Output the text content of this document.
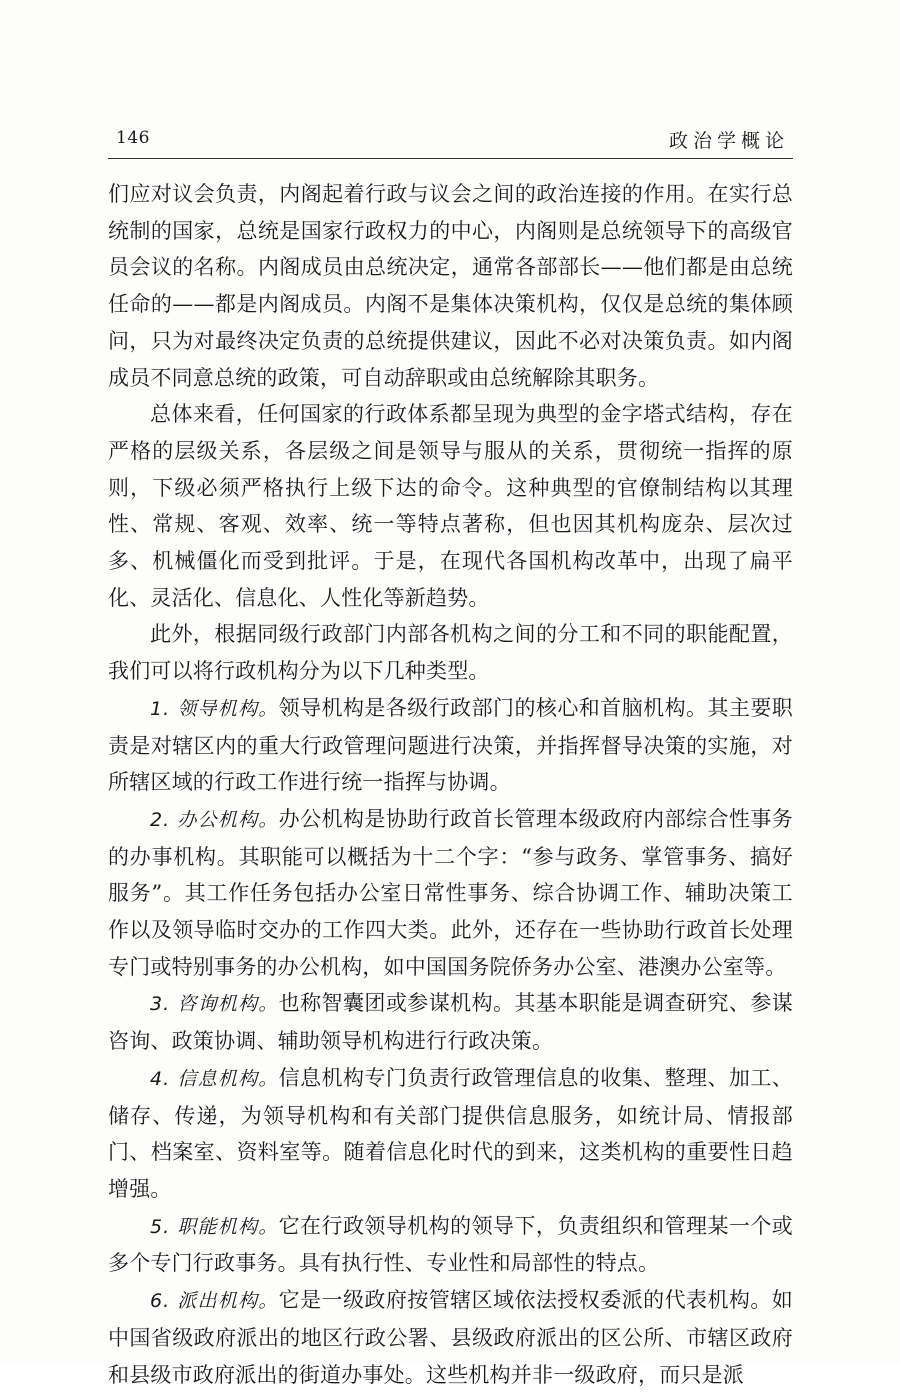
146	政治学概论

们应对议会负责，内阁起着行政与议会之间的政治连接的作用。在实行总统制的国家，总统是国家行政权力的中心，内阁则是总统领导下的高级官员会议的名称。内阁成员由总统决定，通常各部部长——他们都是由总统任命的——都是内阁成员。内阁不是集体决策机构，仅仅是总统的集体顾问，只为对最终决定负责的总统提供建议，因此不必对决策负责。如内阁成员不同意总统的政策，可自动辞职或由总统解除其职务。

总体来看，任何国家的行政体系都呈现为典型的金字塔式结构，存在严格的层级关系，各层级之间是领导与服从的关系，贯彻统一指挥的原则，下级必须严格执行上级下达的命令。这种典型的官僚制结构以其理性、常规、客观、效率、统一等特点著称，但也因其机构庞杂、层次过多、机械僵化而受到批评。于是，在现代各国机构改革中，出现了扁平化、灵活化、信息化、人性化等新趋势。

此外，根据同级行政部门内部各机构之间的分工和不同的职能配置，我们可以将行政机构分为以下几种类型。

1. 领导机构。领导机构是各级行政部门的核心和首脑机构。其主要职责是对辖区内的重大行政管理问题进行决策，并指挥督导决策的实施，对所辖区域的行政工作进行统一指挥与协调。

2. 办公机构。办公机构是协助行政首长管理本级政府内部综合性事务的办事机构。其职能可以概括为十二个字：“参与政务、掌管事务、搞好服务”。其工作任务包括办公室日常性事务、综合协调工作、辅助决策工作以及领导临时交办的工作四大类。此外，还存在一些协助行政首长处理专门或特别事务的办公机构，如中国国务院侨务办公室、港澳办公室等。

3. 咨询机构。也称智囊团或参谋机构。其基本职能是调查研究、参谋咨询、政策协调、辅助领导机构进行行政决策。

4. 信息机构。信息机构专门负责行政管理信息的收集、整理、加工、储存、传递，为领导机构和有关部门提供信息服务，如统计局、情报部门、档案室、资料室等。随着信息化时代的到来，这类机构的重要性日趋增强。

5. 职能机构。它在行政领导机构的领导下，负责组织和管理某一个或多个专门行政事务。具有执行性、专业性和局部性的特点。

6. 派出机构。它是一级政府按管辖区域依法授权委派的代表机构。如中国省级政府派出的地区行政公署、县级政府派出的区公所、市辖区政府和县级市政府派出的街道办事处。这些机构并非一级政府，而只是派
